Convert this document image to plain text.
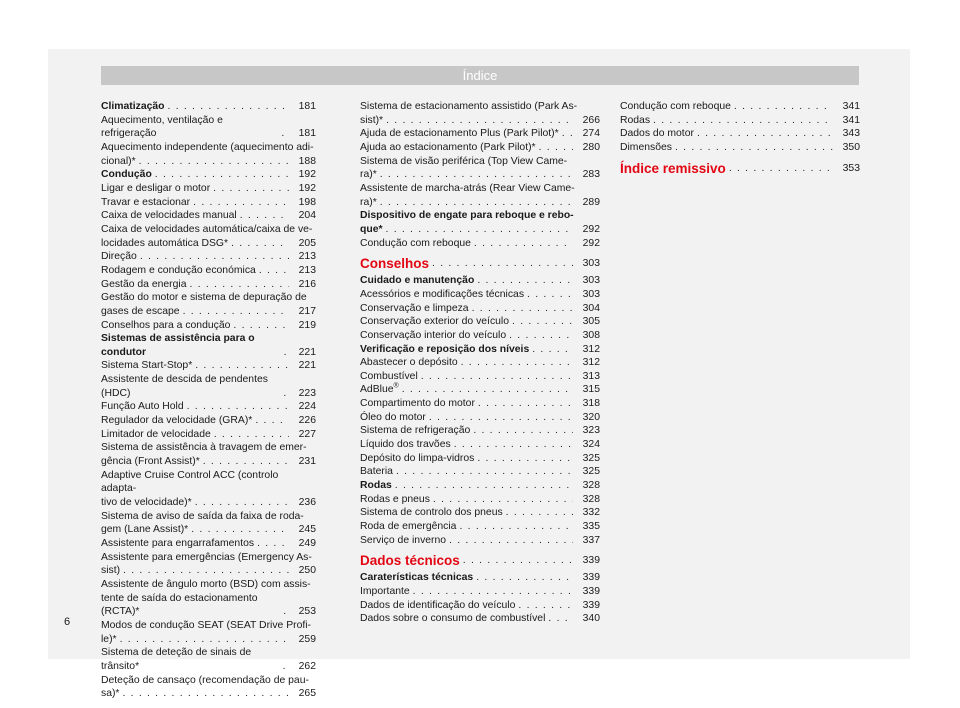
Índice
Climatização . . .	181
Aquecimento, ventilação e refrigeração . . .	181
Aquecimento independente (aquecimento adi-
cional)* . . .	188
Condução . . .	192
Ligar e desligar o motor . . .	192
Travar e estacionar . . .	198
Caixa de velocidades manual . . .	204
Caixa de velocidades automática/caixa de ve-
locidades automática DSG* . . .	205
Direção . . .	213
Rodagem e condução económica . . .	213
Gestão da energia . . .	216
Gestão do motor e sistema de depuração de
gases de escape . . .	217
Conselhos para a condução . . .	219
Sistemas de assistência para o condutor . . .	221
Sistema Start-Stop* . . .	221
Assistente de descida de pendentes (HDC) . . .	223
Função Auto Hold . . .	224
Regulador da velocidade (GRA)* . . .	226
Limitador de velocidade . . .	227
Sistema de assistência à travagem de emer-
gência (Front Assist)* . . .	231
Adaptive Cruise Control ACC (controlo adapta-
tivo de velocidade)* . . .	236
Sistema de aviso de saída da faixa de roda-
gem (Lane Assist)* . . .	245
Assistente para engarrafamentos . . .	249
Assistente para emergências (Emergency As-
sist) . . .	250
Assistente de ângulo morto (BSD) com assis-
tente de saída do estacionamento (RCTA)* . . .	253
Modos de condução SEAT (SEAT Drive Profi-
le)* . . .	259
Sistema de deteção de sinais de trânsito* . . .	262
Deteção de cansaço (recomendação de pau-
sa)* . . .	265
Sistema de estacionamento assistido (Park As-
sist)* . . .	266
Ajuda de estacionamento Plus (Park Pilot)* . . .	274
Ajuda ao estacionamento (Park Pilot)* . . .	280
Sistema de visão periférica (Top View Came-
ra)* . . .	283
Assistente de marcha-atrás (Rear View Came-
ra)* . . .	289
Dispositivo de engate para reboque e rebo-
que* . . .	292
Condução com reboque . . .	292
Conselhos . . .	303
Cuidado e manutenção . . .	303
Acessórios e modificações técnicas . . .	303
Conservação e limpeza . . .	304
Conservação exterior do veículo . . .	305
Conservação interior do veículo . . .	308
Verificação e reposição dos níveis . . .	312
Abastecer o depósito . . .	312
Combustível . . .	313
AdBlue® . . .	315
Compartimento do motor . . .	318
Óleo do motor . . .	320
Sistema de refrigeração . . .	323
Líquido dos travões . . .	324
Depósito do limpa-vidros . . .	325
Bateria . . .	325
Rodas . . .	328
Rodas e pneus . . .	328
Sistema de controlo dos pneus . . .	332
Roda de emergência . . .	335
Serviço de inverno . . .	337
Dados técnicos . . .	339
Caraterísticas técnicas . . .	339
Importante . . .	339
Dados de identificação do veículo . . .	339
Dados sobre o consumo de combustível . . .	340
Condução com reboque . . .	341
Rodas . . .	341
Dados do motor . . .	343
Dimensões . . .	350
Índice remissivo . . .	353
6
